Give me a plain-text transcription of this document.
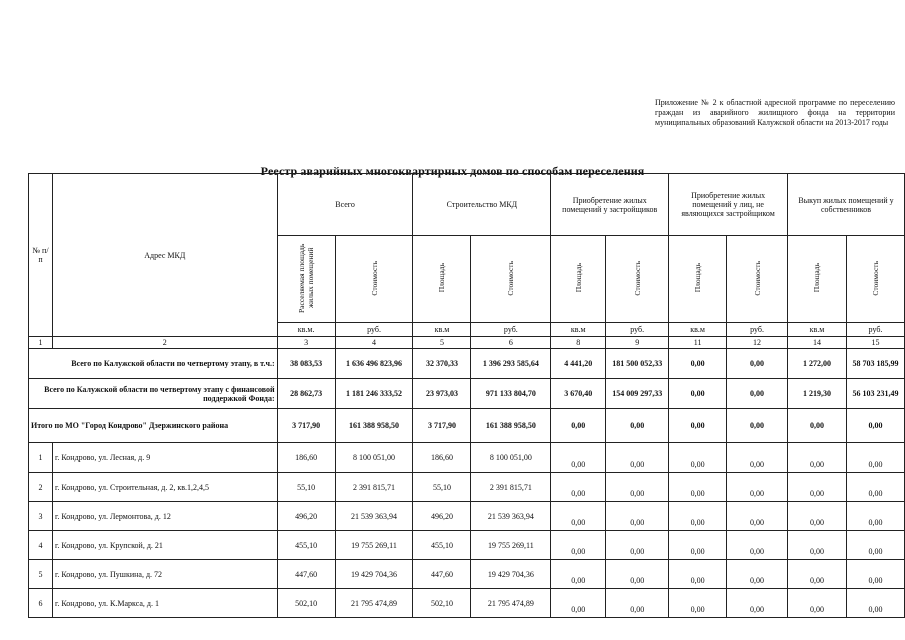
Приложение № 2 к областной адресной программе по переселению граждан из аварийного жилищного фонда на территории муниципальных образований Калужской области на 2013-2017 годы
Реестр аварийных многоквартирных домов по способам переселения
№ п/п	Адрес МКД	Всего		Строительство МКД		Приобретение жилых помещений у застройщиков		Приобретение жилых помещений у лиц, не являющихся застройщиком		Выкуп жилых помещений у собственников	
		Расселяемая площадь жилых помещений	Стоимость	Площадь	Стоимость	Площадь	Стоимость	Площадь	Стоимость	Площадь	Стоимость
		кв.м.	руб.	кв.м	руб.	кв.м	руб.	кв.м	руб.	кв.м	руб.
1	2	3	4	5	6	8	9	11	12	14	15
Всего по Калужской области по четвертому этапу, в т.ч.:		38 083,53	1 636 496 823,96	32 370,33	1 396 293 585,64	4 441,20	181 500 052,33	0,00	0,00	1 272,00	58 703 185,99
Всего по Калужской области по четвертому этапу с финансовой поддержкой Фонда:		28 862,73	1 181 246 333,52	23 973,03	971 133 804,70	3 670,40	154 009 297,33	0,00	0,00	1 219,30	56 103 231,49
Итого по МО "Город Кондрово" Дзержинского района		3 717,90	161 388 958,50	3 717,90	161 388 958,50	0,00	0,00	0,00	0,00	0,00	0,00
1	г. Кондрово, ул. Лесная, д. 9	186,60	8 100 051,00	186,60	8 100 051,00	0,00	0,00	0,00	0,00	0,00	0,00
2	г. Кондрово, ул. Строительная, д. 2, кв.1,2,4,5	55,10	2 391 815,71	55,10	2 391 815,71	0,00	0,00	0,00	0,00	0,00	0,00
3	г. Кондрово, ул. Лермонтова, д. 12	496,20	21 539 363,94	496,20	21 539 363,94	0,00	0,00	0,00	0,00	0,00	0,00
4	г. Кондрово, ул. Крупской, д. 21	455,10	19 755 269,11	455,10	19 755 269,11	0,00	0,00	0,00	0,00	0,00	0,00
5	г. Кондрово, ул. Пушкина, д. 72	447,60	19 429 704,36	447,60	19 429 704,36	0,00	0,00	0,00	0,00	0,00	0,00
6	г. Кондрово, ул. К.Маркса, д. 1	502,10	21 795 474,89	502,10	21 795 474,89	0,00	0,00	0,00	0,00	0,00	0,00
